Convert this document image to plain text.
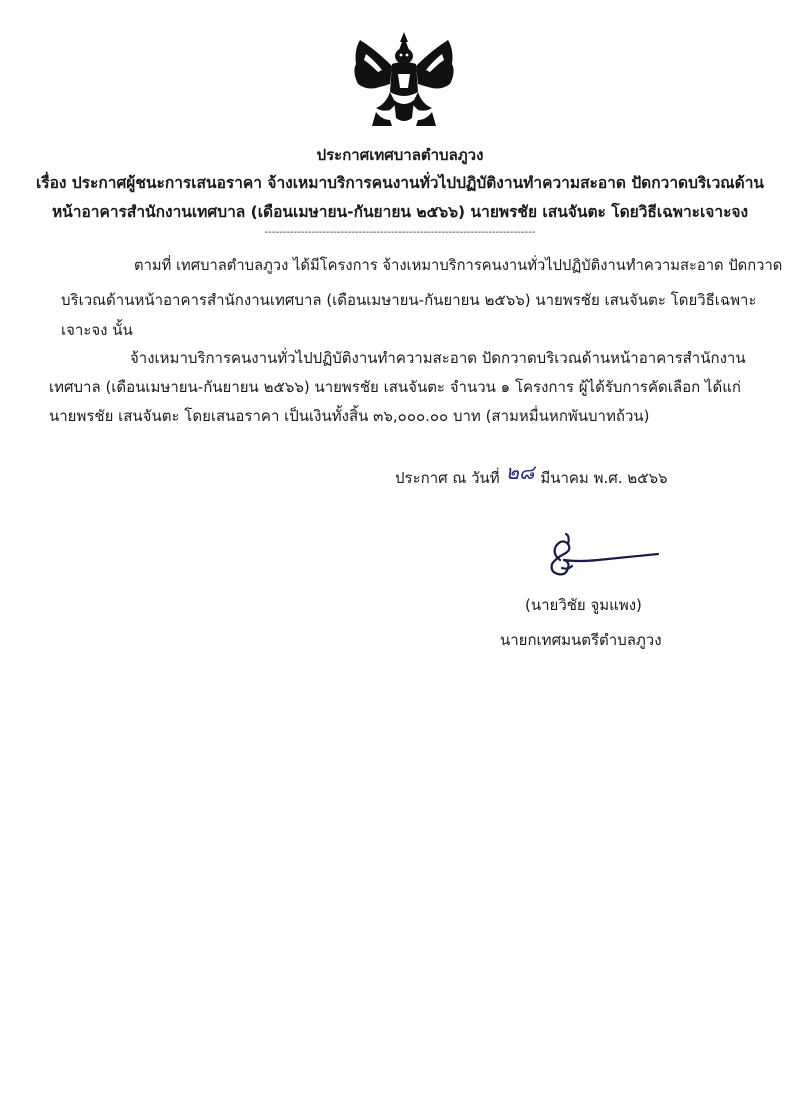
ประกาศเทศบาลตำบลภูวง
เรื่อง ประกาศผู้ชนะการเสนอราคา จ้างเหมาบริการคนงานทั่วไปปฏิบัติงานทำความสะอาด ปัดกวาดบริเวณด้าน
หน้าอาคารสำนักงานเทศบาล (เดือนเมษายน-กันยายน ๒๕๖๖) นายพรชัย เสนจันตะ โดยวิธีเฉพาะเจาะจง
---------------------------------------------------------------------------
ตามที่ เทศบาลตำบลภูวง ได้มีโครงการ จ้างเหมาบริการคนงานทั่วไปปฏิบัติงานทำความสะอาด ปัดกวาด
บริเวณด้านหน้าอาคารสำนักงานเทศบาล (เดือนเมษายน-กันยายน ๒๕๖๖) นายพรชัย เสนจันตะ โดยวิธีเฉพาะ
เจาะจง นั้น
จ้างเหมาบริการคนงานทั่วไปปฏิบัติงานทำความสะอาด ปัดกวาดบริเวณด้านหน้าอาคารสำนักงาน
เทศบาล (เดือนเมษายน-กันยายน ๒๕๖๖) นายพรชัย เสนจันตะ จำนวน ๑ โครงการ ผู้ได้รับการคัดเลือก ได้แก่
นายพรชัย เสนจันตะ โดยเสนอราคา เป็นเงินทั้งสิ้น ๓๖,๐๐๐.๐๐ บาท (สามหมื่นหกพันบาทถ้วน)
ประกาศ ณ วันที่ ๒๘ มีนาคม พ.ศ. ๒๕๖๖
(นายวิชัย จูมแพง)
นายกเทศมนตรีตำบลภูวง
